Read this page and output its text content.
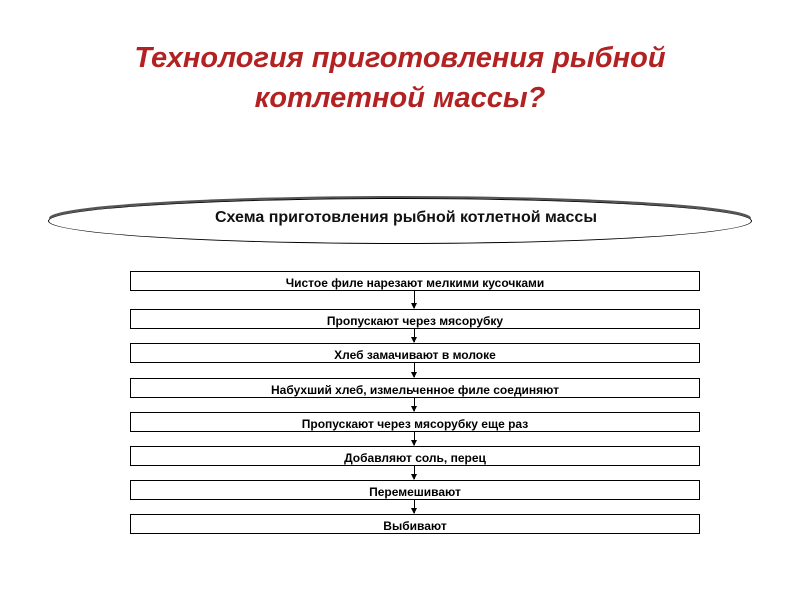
Технология приготовления рыбной
котлетной массы?
Схема приготовления рыбной котлетной массы
Чистое филе нарезают мелкими кусочками
Пропускают через мясорубку
Хлеб замачивают в молоке
Набухший хлеб, измельченное филе соединяют
Пропускают через мясорубку еще раз
Добавляют соль, перец
Перемешивают
Выбивают
